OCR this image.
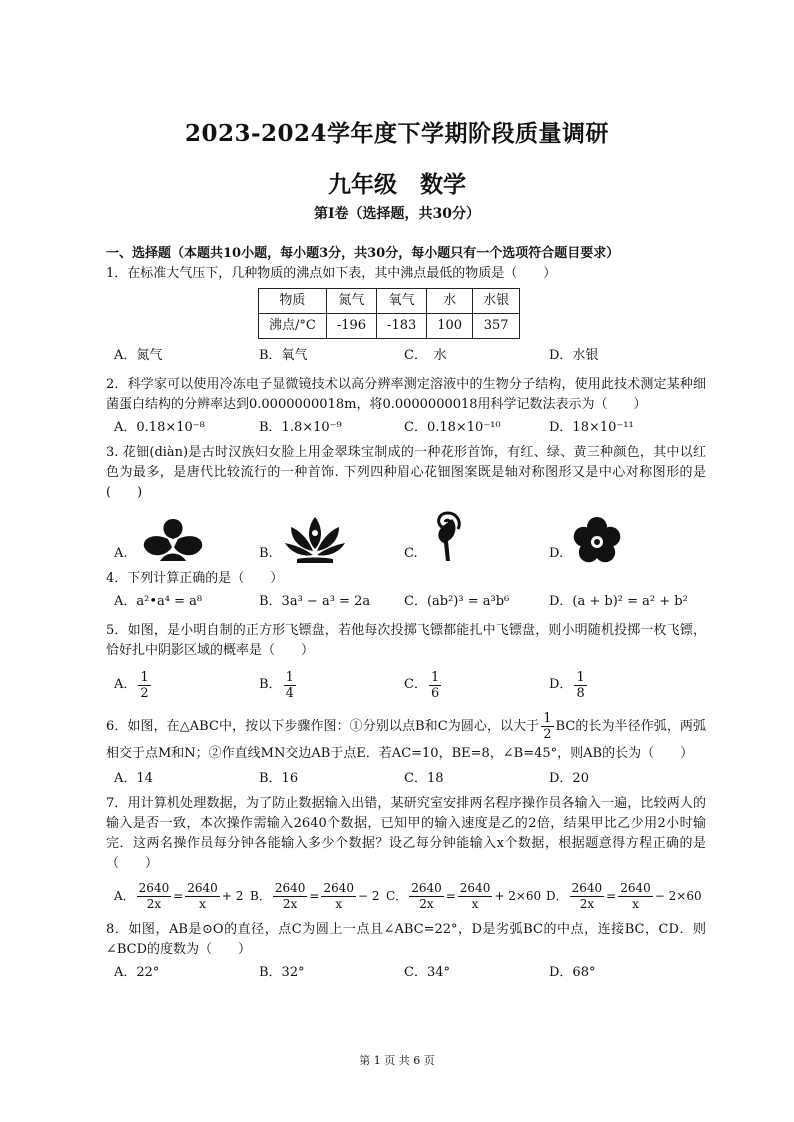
2023-2024学年度下学期阶段质量调研
九年级　数学
第Ⅰ卷（选择题，共30分）
一、选择题（本题共10小题，每小题3分，共30分，每小题只有一个选项符合题目要求）

1．在标准大气压下，几种物质的沸点如下表，其中沸点最低的物质是（　　）

物质	氮气	氧气	水	水银
沸点/°C	-196	-183	100	357
A．氮气	B．氧气	C．　水	D．水银

2．科学家可以使用冷冻电子显微镜技术以高分辨率测定溶液中的生物分子结构，使用此技术测定某种细菌蛋白结构的分辨率达到0.0000000018m，将0.0000000018用科学记数法表示为（　　）

A．0.18×10⁻⁸	B．1.8×10⁻⁹	C．0.18×10⁻¹⁰	D．18×10⁻¹¹

3. 花钿(diàn)是古时汉族妇女脸上用金翠珠宝制成的一种花形首饰，有红、绿、黄三种颜色，其中以红色为最多，是唐代比较流行的一种首饰. 下列四种眉心花钿图案既是轴对称图形又是中心对称图形的是(　　)

A.	B.	C.	D.

4．下列计算正确的是（　　）

A．a²•a⁴ = a⁸	B．3a³ − a³ = 2a	C．(ab²)³ = a³b⁶	D．(a + b)² = a² + b²

5．如图，是小明自制的正方形飞镖盘，若他每次投掷飞镖都能扎中飞镖盘，则小明随机投掷一枚飞镖，恰好扎中阴影区域的概率是（　　）

A． $\frac{1}{2}$	B． $\frac{1}{4}$	C． $\frac{1}{6}$	D． $\frac{1}{8}$

6．如图，在△ABC中，按以下步骤作图：①分别以点B和C为圆心，以大于 $\frac{1}{2}$ BC的长为半径作弧，两弧相交于点M和N；②作直线MN交边AB于点E．若AC=10，BE=8，∠B=45°，则AB的长为（　　）

A．14	B．16	C．18	D．20

7．用计算机处理数据，为了防止数据输入出错，某研究室安排两名程序操作员各输入一遍，比较两人的输入是否一致，本次操作需输入2640个数据，已知甲的输入速度是乙的2倍，结果甲比乙少用2小时输完．这两名操作员每分钟各能输入多少个数据？设乙每分钟能输入x个数据，根据题意得方程正确的是（　　）

A． $\frac{2640}{2x} = \frac{2640}{x} + 2$ B． $\frac{2640}{2x} = \frac{2640}{x} - 2$ C． $\frac{2640}{2x} = \frac{2640}{x} + 2\times 60$ D． $\frac{2640}{2x} = \frac{2640}{x} - 2\times 60$

8．如图，AB是⊙O的直径，点C为圆上一点且∠ABC=22°，D是劣弧BC的中点，连接BC，CD．则∠BCD的度数为（　　）

A．22°	B．32°	C．34°	D．68°
第 1 页 共 6 页
